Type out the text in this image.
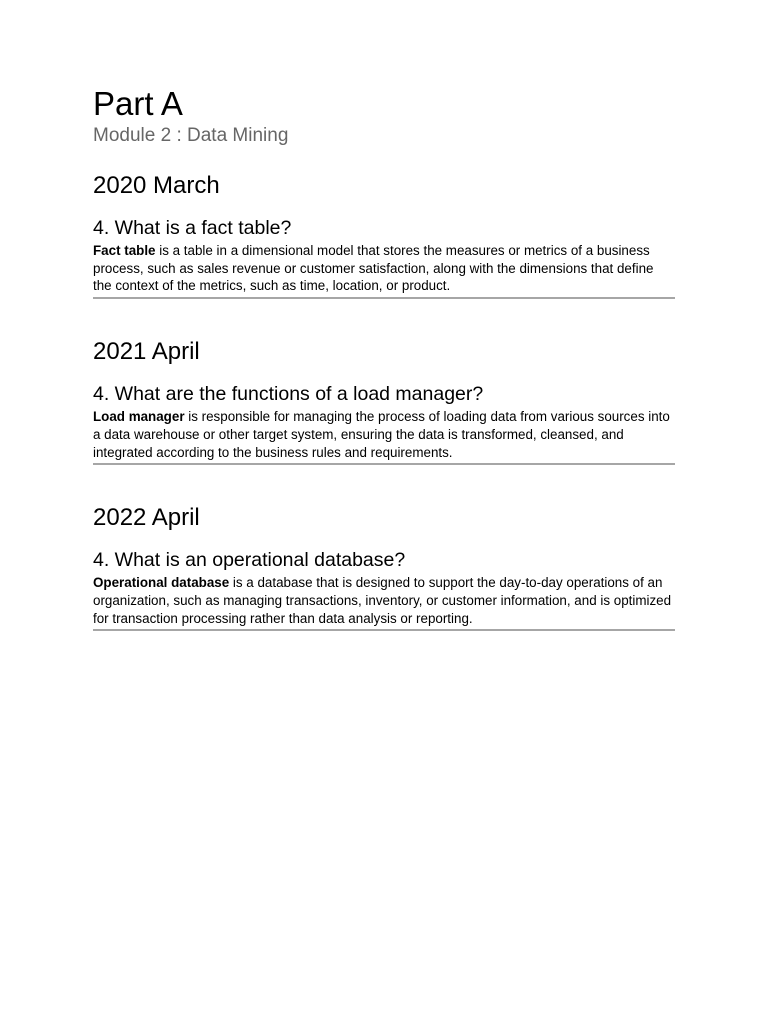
Part A

Module 2 : Data Mining

2020 March
4. What is a fact table?

Fact table is a table in a dimensional model that stores the measures or metrics of a business process, such as sales revenue or customer satisfaction, along with the dimensions that define the context of the metrics, such as time, location, or product.

2021 April
4. What are the functions of a load manager?

Load manager is responsible for managing the process of loading data from various sources into a data warehouse or other target system, ensuring the data is transformed, cleansed, and integrated according to the business rules and requirements.

2022 April
4. What is an operational database?

Operational database is a database that is designed to support the day-to-day operations of an organization, such as managing transactions, inventory, or customer information, and is optimized for transaction processing rather than data analysis or reporting.
